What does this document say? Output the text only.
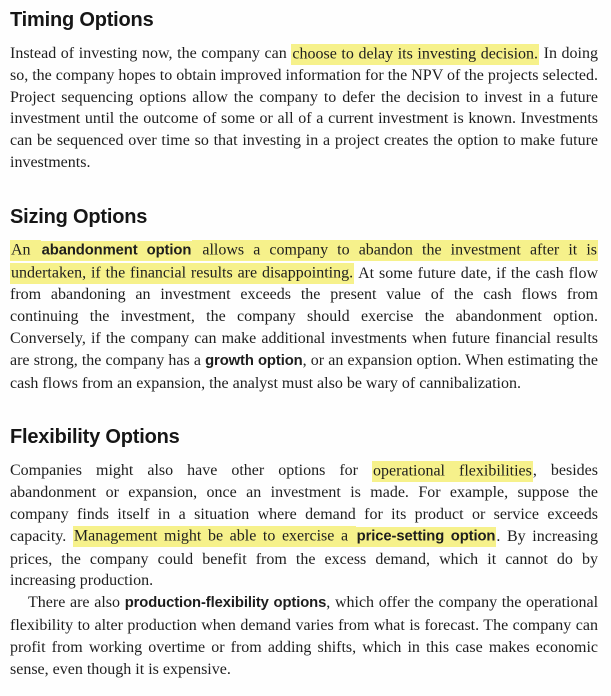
Timing Options

Instead of investing now, the company can choose to delay its investing decision. In doing so, the company hopes to obtain improved information for the NPV of the projects selected. Project sequencing options allow the company to defer the decision to invest in a future investment until the outcome of some or all of a current investment is known. Investments can be sequenced over time so that investing in a project creates the option to make future investments.

Sizing Options

An abandonment option allows a company to abandon the investment after it is undertaken, if the financial results are disappointing. At some future date, if the cash flow from abandoning an investment exceeds the present value of the cash flows from continuing the investment, the company should exercise the abandonment option. Conversely, if the company can make additional investments when future financial results are strong, the company has a growth option, or an expansion option. When estimating the cash flows from an expansion, the analyst must also be wary of cannibalization.

Flexibility Options

Companies might also have other options for operational flexibilities, besides abandonment or expansion, once an investment is made. For example, suppose the company finds itself in a situation where demand for its product or service exceeds capacity. Management might be able to exercise a price-setting option. By increasing prices, the company could benefit from the excess demand, which it cannot do by increasing production.

There are also production-flexibility options, which offer the company the operational flexibility to alter production when demand varies from what is forecast. The company can profit from working overtime or from adding shifts, which in this case makes economic sense, even though it is expensive.
